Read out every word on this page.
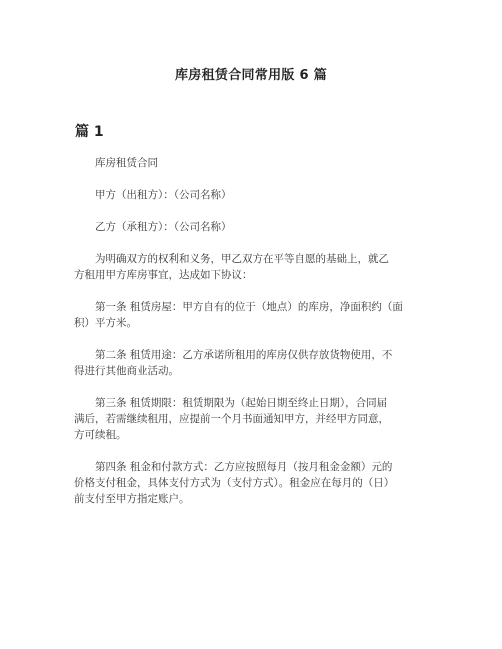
库房租赁合同常用版 6 篇
篇 1

库房租赁合同

甲方（出租方）：（公司名称）

乙方（承租方）：（公司名称）

为明确双方的权利和义务，甲乙双方在平等自愿的基础上，就乙
方租用甲方库房事宜，达成如下协议：

第一条 租赁房屋：甲方自有的位于（地点）的库房，净面积约（面
积）平方米。

第二条 租赁用途：乙方承诺所租用的库房仅供存放货物使用，不
得进行其他商业活动。

第三条 租赁期限：租赁期限为（起始日期至终止日期），合同届
满后，若需继续租用，应提前一个月书面通知甲方，并经甲方同意，
方可续租。

第四条 租金和付款方式：乙方应按照每月（按月租金金额）元的
价格支付租金，具体支付方式为（支付方式）。租金应在每月的（日）
前支付至甲方指定账户。
